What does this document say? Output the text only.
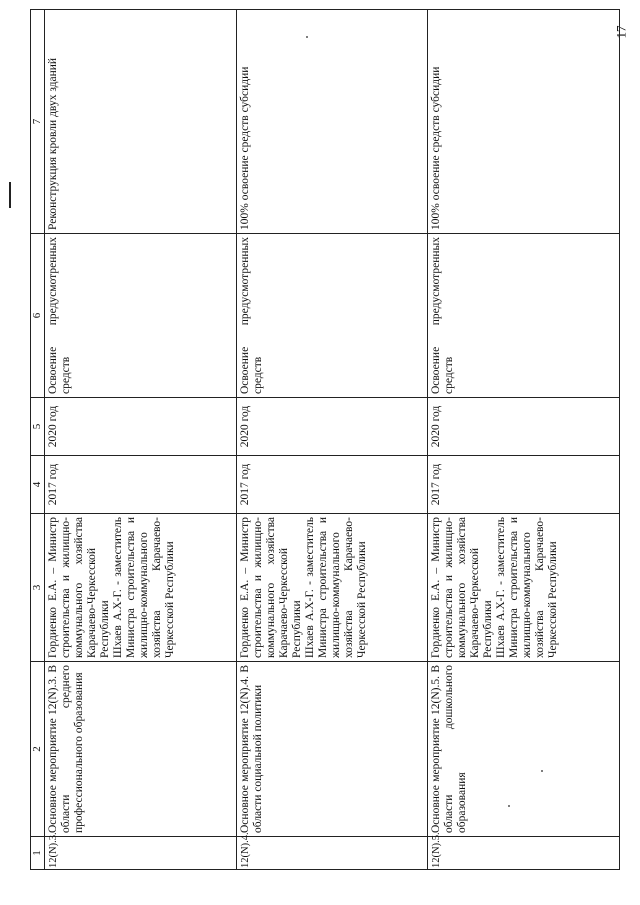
17
1	2	3	4	5	6	7
12(N).3.	Основное мероприятие 12(N).3. В области среднего профессионального образования	Гордиенко Е.А. – Министр строительства и жилищно-коммунального хозяйства Карачаево-Черкесской Республики Шхаев А.Х-Г. - заместитель Министра строительства и жилищно-коммунального хозяйства Карачаево-Черкесской Республики	2017 год	2020 год	Освоение предусмотренных средств	Реконструкция кровли двух зданий
12(N).4.	Основное мероприятие 12(N).4. В области социальной политики	Гордиенко Е.А. – Министр строительства и жилищно-коммунального хозяйства Карачаево-Черкесской Республики Шхаев А.Х-Г. - заместитель Министра строительства и жилищно-коммунального хозяйства Карачаево-Черкесской Республики	2017 год	2020 год	Освоение предусмотренных средств	100% освоение средств субсидии
12(N).5.	Основное мероприятие 12(N).5. В области дошкольного образования	Гордиенко Е.А. – Министр строительства и жилищно-коммунального хозяйства Карачаево-Черкесской Республики Шхаев А.Х-Г. - заместитель Министра строительства и жилищно-коммунального хозяйства Карачаево-Черкесской Республики	2017 год	2020 год	Освоение предусмотренных средств	100% освоение средств субсидии
